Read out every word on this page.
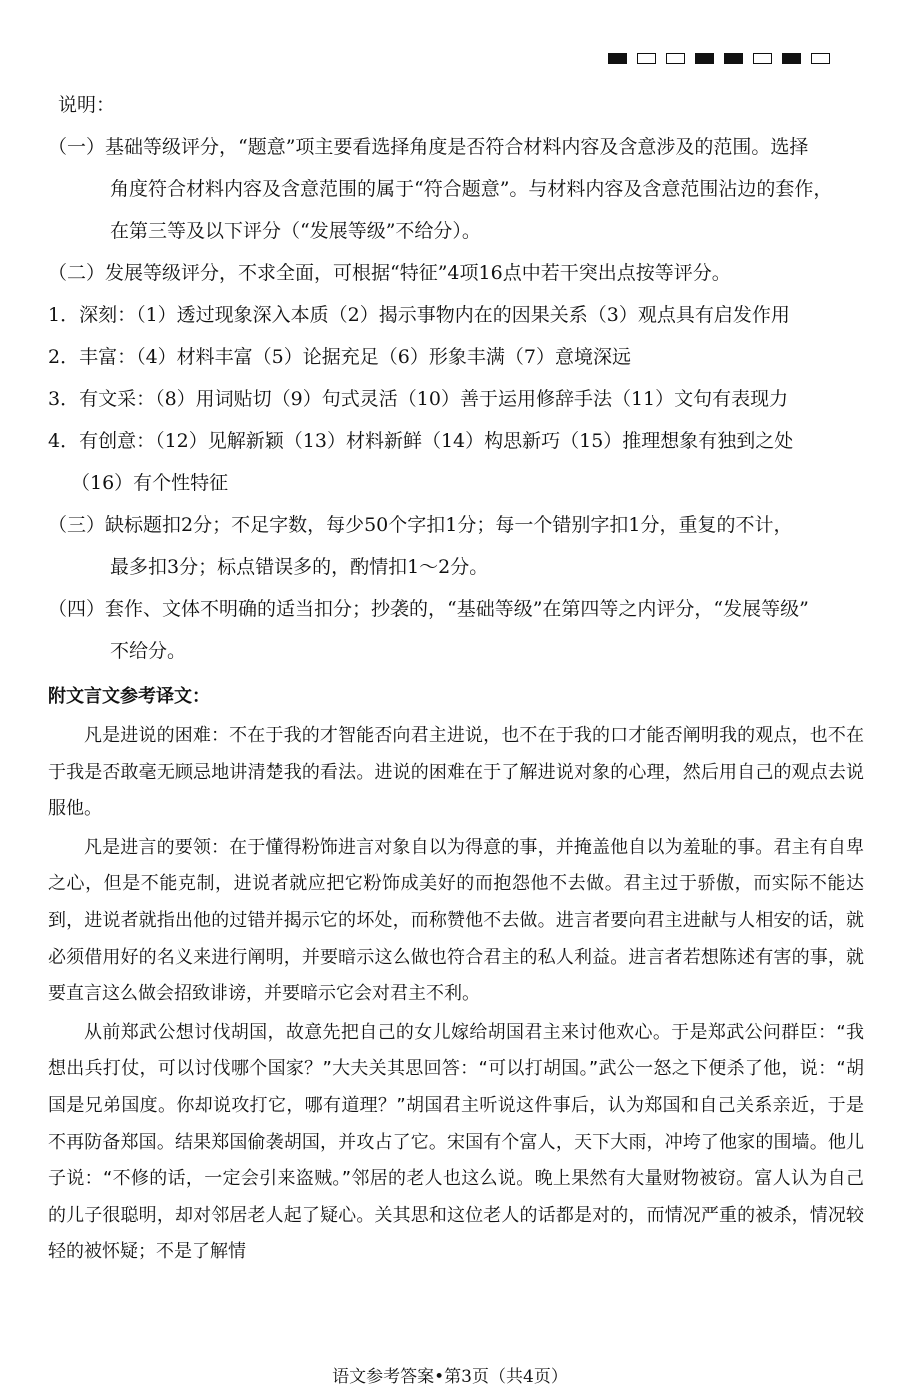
说明：
（一）基础等级评分，“题意”项主要看选择角度是否符合材料内容及含意涉及的范围。选择
角度符合材料内容及含意范围的属于“符合题意”。与材料内容及含意范围沾边的套作，
在第三等及以下评分（“发展等级”不给分）。
（二）发展等级评分，不求全面，可根据“特征”4项16点中若干突出点按等评分。
1．深刻：（1）透过现象深入本质（2）揭示事物内在的因果关系（3）观点具有启发作用
2．丰富：（4）材料丰富（5）论据充足（6）形象丰满（7）意境深远
3．有文采：（8）用词贴切（9）句式灵活（10）善于运用修辞手法（11）文句有表现力
4．有创意：（12）见解新颖（13）材料新鲜（14）构思新巧（15）推理想象有独到之处
（16）有个性特征
（三）缺标题扣2分；不足字数，每少50个字扣1分；每一个错别字扣1分，重复的不计，
最多扣3分；标点错误多的，酌情扣1～2分。
（四）套作、文体不明确的适当扣分；抄袭的，“基础等级”在第四等之内评分，“发展等级”
不给分。
附文言文参考译文：

凡是进说的困难：不在于我的才智能否向君主进说，也不在于我的口才能否阐明我的观点，也不在于我是否敢毫无顾忌地讲清楚我的看法。进说的困难在于了解进说对象的心理，然后用自己的观点去说服他。

凡是进言的要领：在于懂得粉饰进言对象自以为得意的事，并掩盖他自以为羞耻的事。君主有自卑之心，但是不能克制，进说者就应把它粉饰成美好的而抱怨他不去做。君主过于骄傲，而实际不能达到，进说者就指出他的过错并揭示它的坏处，而称赞他不去做。进言者要向君主进献与人相安的话，就必须借用好的名义来进行阐明，并要暗示这么做也符合君主的私人利益。进言者若想陈述有害的事，就要直言这么做会招致诽谤，并要暗示它会对君主不利。

从前郑武公想讨伐胡国，故意先把自己的女儿嫁给胡国君主来讨他欢心。于是郑武公问群臣：“我想出兵打仗，可以讨伐哪个国家？”大夫关其思回答：“可以打胡国。”武公一怒之下便杀了他，说：“胡国是兄弟国度。你却说攻打它，哪有道理？”胡国君主听说这件事后，认为郑国和自己关系亲近，于是不再防备郑国。结果郑国偷袭胡国，并攻占了它。宋国有个富人，天下大雨，冲垮了他家的围墙。他儿子说：“不修的话，一定会引来盗贼。”邻居的老人也这么说。晚上果然有大量财物被窃。富人认为自己的儿子很聪明，却对邻居老人起了疑心。关其思和这位老人的话都是对的，而情况严重的被杀，情况较轻的被怀疑；不是了解情

语文参考答案•第3页（共4页）
